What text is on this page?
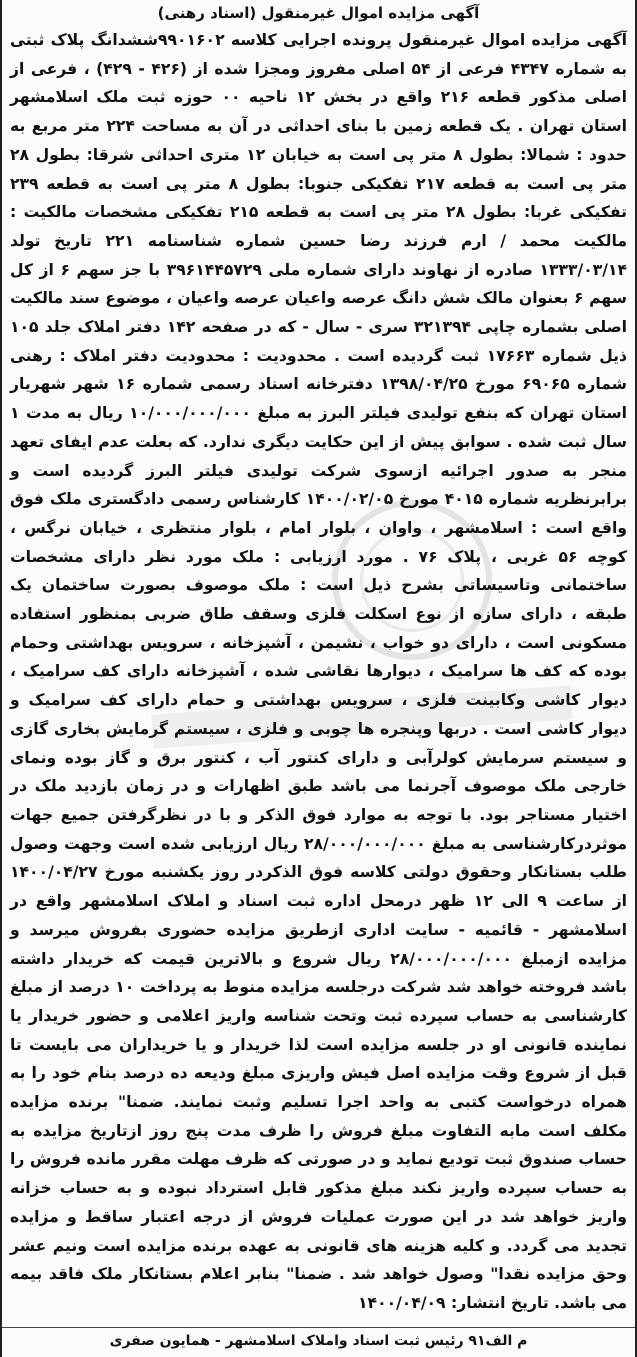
آگهی مزایده اموال غیرمنقول (اسناد رهنی)
آگهی مزایده اموال غیرمنقول پرونده اجرایی کلاسه ۹۹۰۱۶۰۲ششدانگ پلاک ثبتی به شماره ۴۳۴۷ فرعی از ۵۴ اصلی مفروز ومجزا شده از (۴۲۶ - ۴۲۹) ، فرعی از اصلی مذکور قطعه ۲۱۶ واقع در بخش ۱۲ ناحیه ۰۰ حوزه ثبت ملک اسلامشهر استان تهران . یک قطعه زمین با بنای احداثی در آن به مساحت ۲۲۴ متر مربع به حدود : شمالا: بطول ۸ متر پی است به خیابان ۱۲ متری احداثی شرقا: بطول ۲۸ متر پی است به قطعه ۲۱۷ تفکیکی جنوبا: بطول ۸ متر پی است به قطعه ۲۳۹ تفکیکی غربا: بطول ۲۸ متر پی است به قطعه ۲۱۵ تفکیکی مشخصات مالکیت : مالکیت محمد / ارم فرزند رضا حسین شماره شناسنامه ۲۲۱ تاریخ تولد ۱۳۳۳/۰۳/۱۴ صادره از نهاوند دارای شماره ملی ۳۹۶۱۴۴۵۷۲۹ با جز سهم ۶ از کل سهم ۶ بعنوان مالک شش دانگ عرصه واعیان عرصه واعیان ، موضوع سند مالکیت اصلی بشماره چاپی ۳۲۱۳۹۴ سری - سال - که در صفحه ۱۴۲ دفتر املاک جلد ۱۰۵ ذیل شماره ۱۷۶۶۳ ثبت گردیده است . محدودیت : محدودیت دفتر املاک : رهنی شماره ۶۹۰۶۵ مورخ ۱۳۹۸/۰۴/۲۵ دفترخانه اسناد رسمی شماره ۱۶ شهر شهریار استان تهران که بنفع تولیدی فیلتر البرز به مبلغ ۱۰/۰۰۰/۰۰۰/۰۰۰ ریال به مدت ۱ سال ثبت شده . سوابق پیش از این حکایت دیگری ندارد. که بعلت عدم ایفای تعهد منجر به صدور اجرائیه ازسوی شرکت تولیدی فیلتر البرز گردیده است و برابرنظریه شماره ۴۰۱۵ مورخ ۱۴۰۰/۰۲/۰۵ کارشناس رسمی دادگستری ملک فوق واقع است : اسلامشهر ، واوان ، بلوار امام ، بلوار منتظری ، خیابان نرگس ، کوچه ۵۶ غربی ، پلاک ۷۶ . مورد ارزیابی : ملک مورد نظر دارای مشخصات ساختمانی وتاسیساتی بشرح ذیل است : ملک موصوف بصورت ساختمان یک طبقه ، دارای سازه از نوع اسکلت فلزی وسقف طاق ضربی بمنظور استفاده مسکونی است ، دارای دو خواب ، نشیمن ، آشپزخانه ، سرویس بهداشتی وحمام بوده که کف ها سرامیک ، دیوارها نقاشی شده ، آشپزخانه دارای کف سرامیک ، دیوار کاشی وکابینت فلزی ، سرویس بهداشتی و حمام دارای کف سرامیک و دیوار کاشی است . دربها وپنجره ها چوبی و فلزی ، سیستم گرمایش بخاری گازی و سیستم سرمایش کولرآبی و دارای کنتور آب ، کنتور برق و گاز بوده ونمای خارجی ملک موصوف آجرنما می باشد طبق اظهارات و در زمان بازدید ملک در اختیار مستاجر بود. با توجه به موارد فوق الذکر و با در نظرگرفتن جمیع جهات موثردرکارشناسی به مبلغ ۲۸/۰۰۰/۰۰۰/۰۰۰ ریال ارزیابی شده است وجهت وصول طلب بستانکار وحقوق دولتی کلاسه فوق الذکردر روز یکشنبه مورخ ۱۴۰۰/۰۴/۲۷ از ساعت ۹ الی ۱۲ ظهر درمحل اداره ثبت اسناد و املاک اسلامشهر واقع در اسلامشهر - قائمیه - سایت اداری ازطریق مزایده حضوری بفروش میرسد و مزایده ازمبلغ ۲۸/۰۰۰/۰۰۰/۰۰۰ ریال شروع و بالاترین قیمت که خریدار داشته باشد فروخته خواهد شد شرکت درجلسه مزایده منوط به پرداخت ۱۰ درصد از مبلغ کارشناسی به حساب سپرده ثبت وتحت شناسه واریز اعلامی و حضور خریدار یا نماینده قانونی او در جلسه مزایده است لذا خریدار و یا خریداران می بایست تا قبل از شروع وقت مزایده اصل فیش واریزی مبلغ ودیعه ده درصد بنام خود را به همراه درخواست کتبی به واحد اجرا تسلیم وثبت نمایند. ضمنا" برنده مزایده مکلف است مابه التفاوت مبلغ فروش را ظرف مدت پنج روز ازتاریخ مزایده به حساب صندوق ثبت تودیع نماید و در صورتی که ظرف مهلت مقرر مانده فروش را به حساب سپرده واریز نکند مبلغ مذکور قابل استرداد نبوده و به حساب خزانه واریز خواهد شد در این صورت عملیات فروش از درجه اعتبار ساقط و مزایده تجدید می گردد. و کلیه هزینه های قانونی به عهده برنده مزایده است ونیم عشر وحق مزایده نقدا" وصول خواهد شد . ضمنا" بنابر اعلام بستانکار ملک فاقد بیمه می باشد. تاریخ انتشار: ۱۴۰۰/۰۴/۰۹
م الف۹۱ رئیس ثبت اسناد واملاک اسلامشهر - همایون صفری
